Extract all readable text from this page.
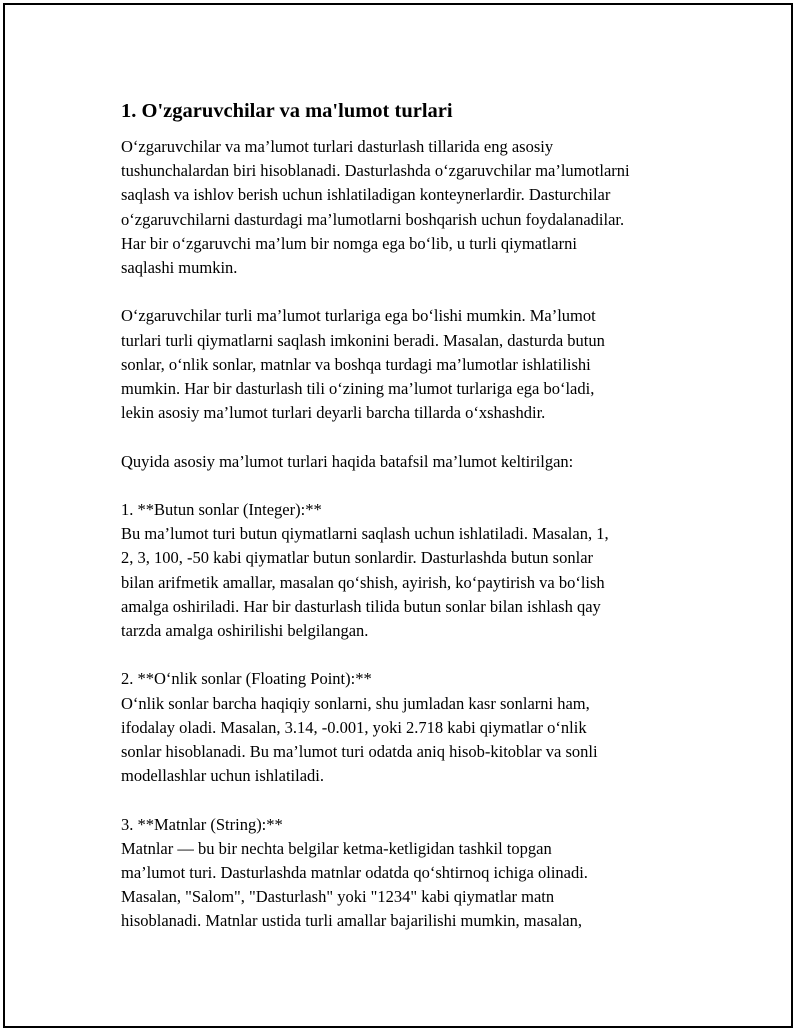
1. O'zgaruvchilar va ma'lumot turlari

O‘zgaruvchilar va ma’lumot turlari dasturlash tillarida eng asosiy
tushunchalardan biri hisoblanadi. Dasturlashda o‘zgaruvchilar ma’lumotlarni
saqlash va ishlov berish uchun ishlatiladigan konteynerlardir. Dasturchilar
o‘zgaruvchilarni dasturdagi ma’lumotlarni boshqarish uchun foydalanadilar.
Har bir o‘zgaruvchi ma’lum bir nomga ega bo‘lib, u turli qiymatlarni
saqlashi mumkin.

O‘zgaruvchilar turli ma’lumot turlariga ega bo‘lishi mumkin. Ma’lumot
turlari turli qiymatlarni saqlash imkonini beradi. Masalan, dasturda butun
sonlar, o‘nlik sonlar, matnlar va boshqa turdagi ma’lumotlar ishlatilishi
mumkin. Har bir dasturlash tili o‘zining ma’lumot turlariga ega bo‘ladi,
lekin asosiy ma’lumot turlari deyarli barcha tillarda o‘xshashdir.

Quyida asosiy ma’lumot turlari haqida batafsil ma’lumot keltirilgan:

1. **Butun sonlar (Integer):**
Bu ma’lumot turi butun qiymatlarni saqlash uchun ishlatiladi. Masalan, 1,
2, 3, 100, -50 kabi qiymatlar butun sonlardir. Dasturlashda butun sonlar
bilan arifmetik amallar, masalan qo‘shish, ayirish, ko‘paytirish va bo‘lish
amalga oshiriladi. Har bir dasturlash tilida butun sonlar bilan ishlash qay
tarzda amalga oshirilishi belgilangan.

2. **O‘nlik sonlar (Floating Point):**
O‘nlik sonlar barcha haqiqiy sonlarni, shu jumladan kasr sonlarni ham,
ifodalay oladi. Masalan, 3.14, -0.001, yoki 2.718 kabi qiymatlar o‘nlik
sonlar hisoblanadi. Bu ma’lumot turi odatda aniq hisob-kitoblar va sonli
modellashlar uchun ishlatiladi.

3. **Matnlar (String):**
Matnlar — bu bir nechta belgilar ketma-ketligidan tashkil topgan
ma’lumot turi. Dasturlashda matnlar odatda qo‘shtirnoq ichiga olinadi.
Masalan, "Salom", "Dasturlash" yoki "1234" kabi qiymatlar matn
hisoblanadi. Matnlar ustida turli amallar bajarilishi mumkin, masalan,
